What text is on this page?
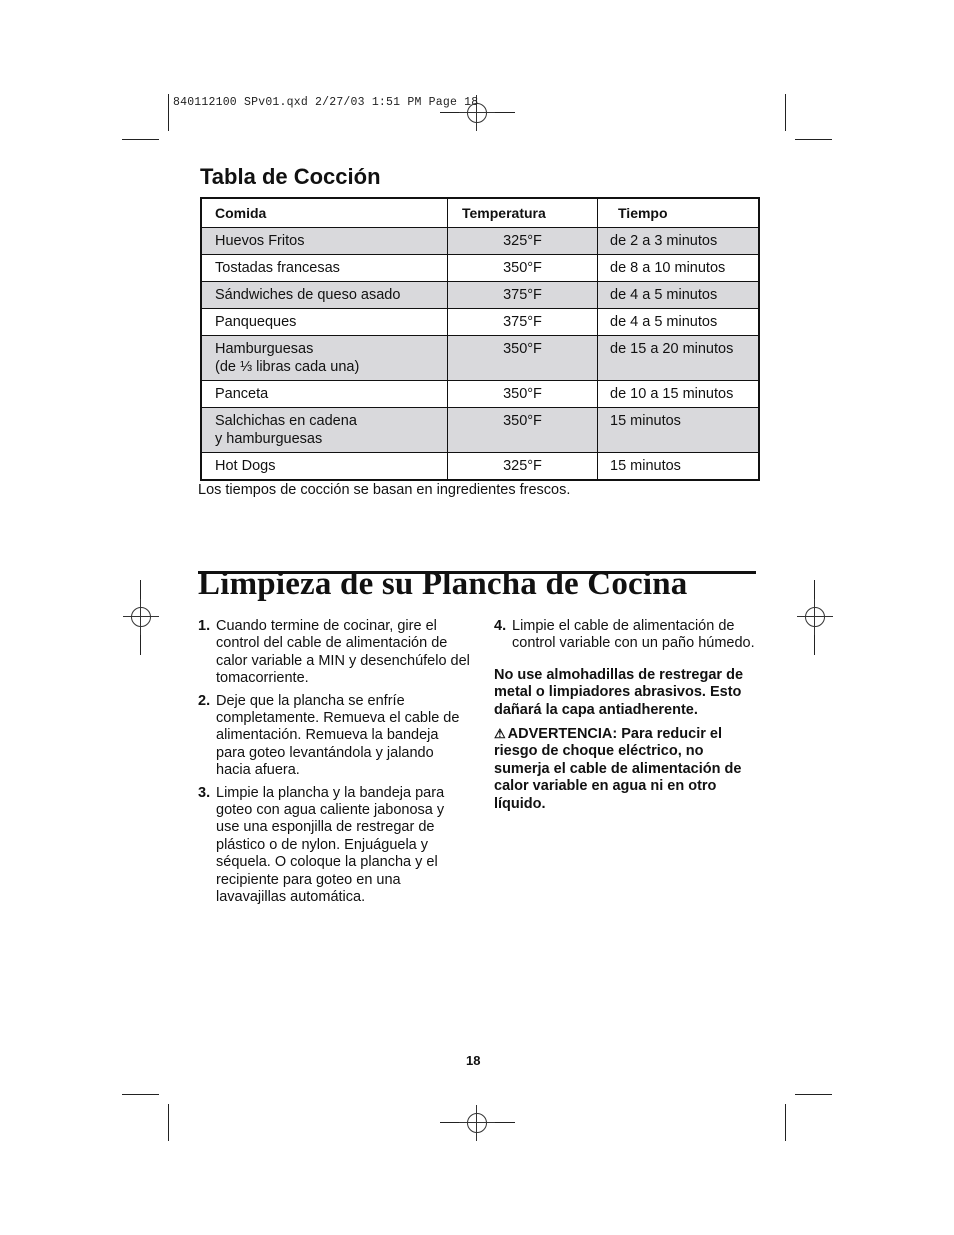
840112100 SPv01.qxd 2/27/03 1:51 PM Page 18
Tabla de Cocción
Comida	Temperatura	Tiempo
Huevos Fritos	325°F	de 2 a 3 minutos
Tostadas francesas	350°F	de 8 a 10 minutos
Sándwiches de queso asado	375°F	de 4 a 5 minutos
Panqueques	375°F	de 4 a 5 minutos
Hamburguesas
(de ⅓ libras cada una)	350°F	de 15 a 20 minutos
Panceta	350°F	de 10 a 15 minutos
Salchichas en cadena
y hamburguesas	350°F	15 minutos
Hot Dogs	325°F	15 minutos
Los tiempos de cocción se basan en ingredientes frescos.
Limpieza de su Plancha de Cocina
1. Cuando termine de cocinar, gire el control del cable de alimentación de calor variable a MIN y desenchúfelo del tomacorriente.
2. Deje que la plancha se enfríe completamente. Remueva el cable de alimentación. Remueva la bandeja para goteo levantándola y jalando hacia afuera.
3. Limpie la plancha y la bandeja para goteo con agua caliente jabonosa y use una esponjilla de restregar de plástico o de nylon. Enjuáguela y séquela. O coloque la plancha y el recipiente para goteo en una lavavajillas automática.
4. Limpie el cable de alimentación de control variable con un paño húmedo.

No use almohadillas de restregar de metal o limpiadores abrasivos. Esto dañará la capa antiadherente.

⚠ ADVERTENCIA: Para reducir el riesgo de choque eléctrico, no sumerja el cable de alimentación de calor variable en agua ni en otro líquido.

18
